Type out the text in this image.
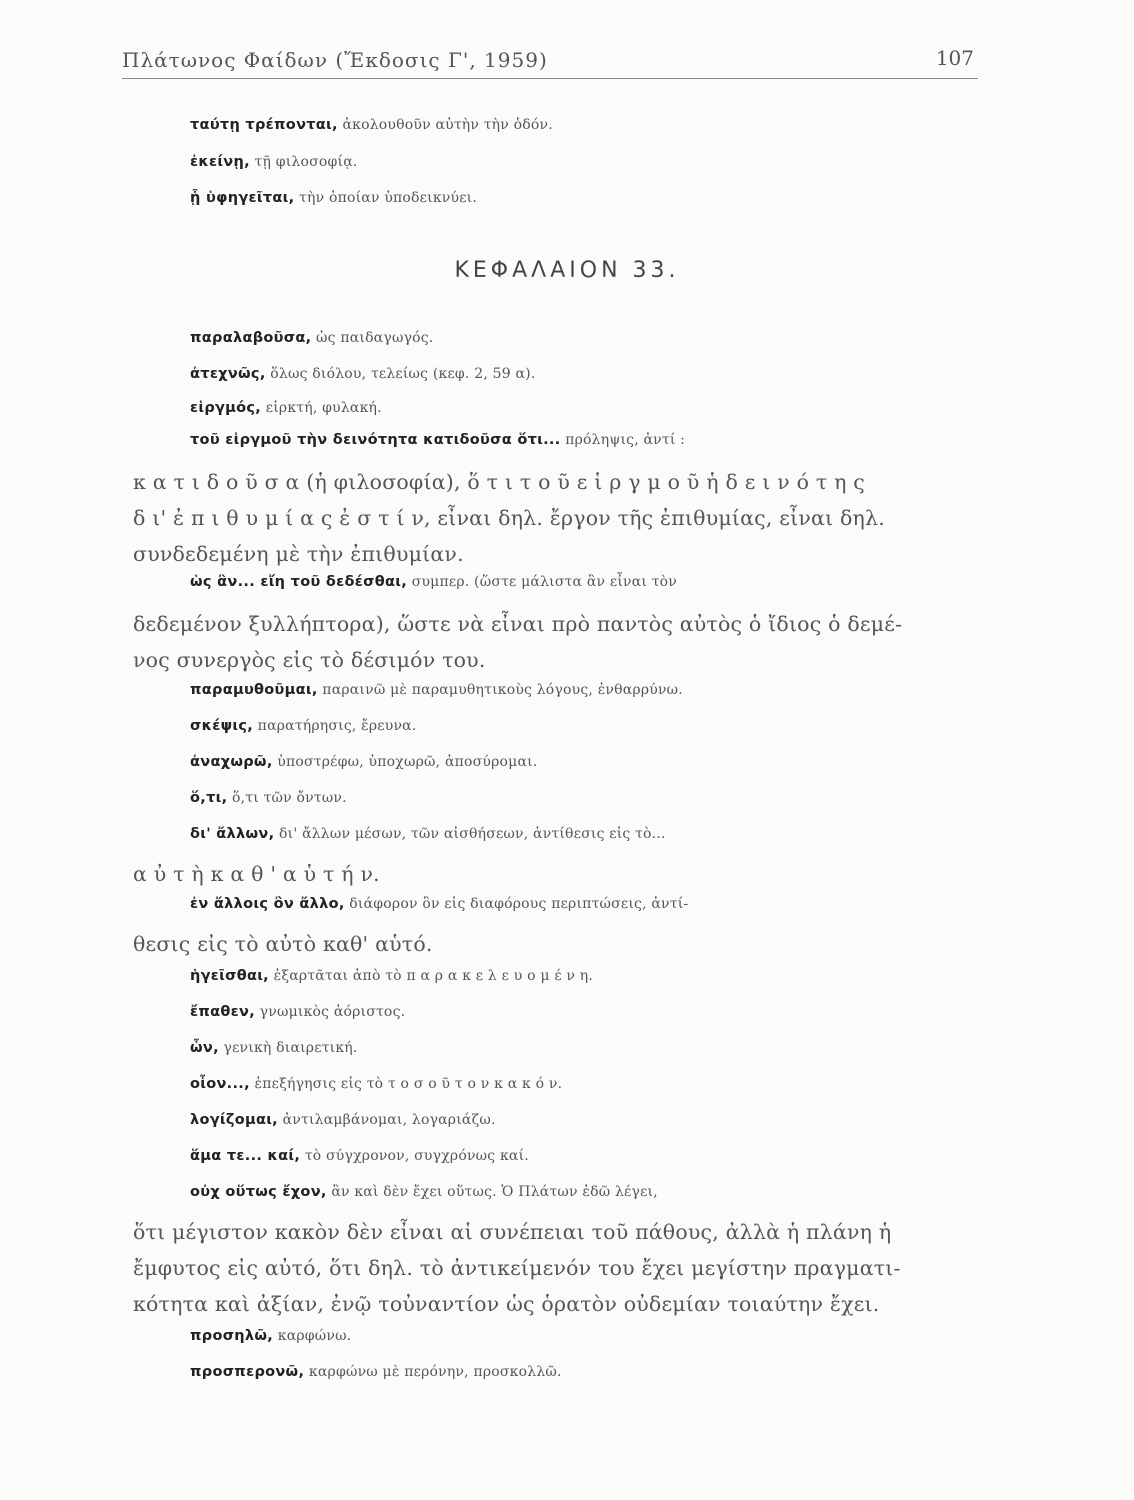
Πλάτωνος Φαίδων (Ἔκδοσις Γ', 1959)	107
ταύτῃ τρέπονται, ἀκολουθοῦν αὐτὴν τὴν ὁδόν.
ἐκείνῃ, τῇ φιλοσοφίᾳ.
ᾗ ὑφηγεῖται, τὴν ὁποίαν ὑποδεικνύει.
ΚΕΦΑΛΑΙΟΝ 33.
παραλαβοῦσα, ὡς παιδαγωγός.
ἀτεχνῶς, ὅλως διόλου, τελείως (κεφ. 2, 59 α).
εἱργμός, εἱρκτή, φυλακή.
τοῦ εἱργμοῦ τὴν δεινότητα κατιδοῦσα ὅτι... πρόληψις, ἀντί :
κ α τ ι δ ο ῦ σ α (ἡ φιλοσοφία), ὅ τ ι τ ο ῦ ε ἱ ρ γ μ ο ῦ ἡ δ ε ι ν ό τ η ς
δ ι' ἐ π ι θ υ μ ί α ς ἐ σ τ ί ν, εἶναι δηλ. ἔργον τῆς ἐπιθυμίας, εἶναι δηλ.
συνδεδεμένη μὲ τὴν ἐπιθυμίαν.
ὡς ἂν... εἴη τοῦ δεδέσθαι, συμπερ. (ὥστε μάλιστα ἂν εἶναι τὸν
δεδεμένον ξυλλήπτορα), ὥστε νὰ εἶναι πρὸ παντὸς αὐτὸς ὁ ἴδιος ὁ δεμέ-
νος συνεργὸς εἰς τὸ δέσιμόν του.
παραμυθοῦμαι, παραινῶ μὲ παραμυθητικοὺς λόγους, ἐνθαρρύνω.
σκέψις, παρατήρησις, ἔρευνα.
ἀναχωρῶ, ὑποστρέφω, ὑποχωρῶ, ἀποσύρομαι.
ὅ,τι, ὅ,τι τῶν ὄντων.
δι' ἄλλων, δι' ἄλλων μέσων, τῶν αἰσθήσεων, ἀντίθεσις εἰς τὸ...
α ὐ τ ὴ κ α θ ' α ὑ τ ή ν.
ἐν ἄλλοις ὂν ἄλλο, διάφορον ὂν εἰς διαφόρους περιπτώσεις, ἀντί-
θεσις εἰς τὸ αὐτὸ καθ' αὑτό.
ἡγεῖσθαι, ἐξαρτᾶται ἀπὸ τὸ π α ρ α κ ε λ ε υ ο μ έ ν η.
ἔπαθεν, γνωμικὸς ἀόριστος.
ὧν, γενικὴ διαιρετική.
οἷον..., ἐπεξήγησις εἰς τὸ τ ο σ ο ῦ τ ο ν κ α κ ό ν.
λογίζομαι, ἀντιλαμβάνομαι, λογαριάζω.
ἅμα τε... καί, τὸ σύγχρονον, συγχρόνως καί.
οὐχ οὕτως ἔχον, ἂν καὶ δὲν ἔχει οὕτως. Ὁ Πλάτων ἐδῶ λέγει,
ὅτι μέγιστον κακὸν δὲν εἶναι αἱ συνέπειαι τοῦ πάθους, ἀλλὰ ἡ πλάνη ἡ
ἔμφυτος εἰς αὐτό, ὅτι δηλ. τὸ ἀντικείμενόν του ἔχει μεγίστην πραγματι-
κότητα καὶ ἀξίαν, ἐνῷ τοὐναντίον ὡς ὁρατὸν οὐδεμίαν τοιαύτην ἔχει.
προσηλῶ, καρφώνω.
προσπερονῶ, καρφώνω μὲ περόνην, προσκολλῶ.
